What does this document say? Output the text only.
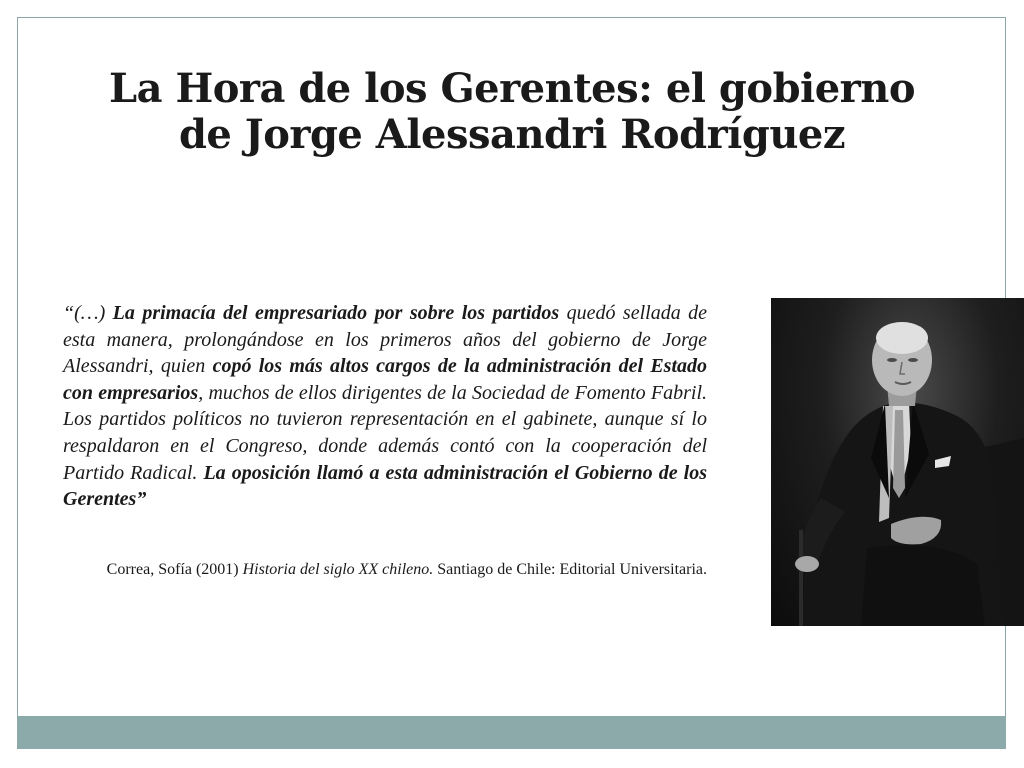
La Hora de los Gerentes: el gobierno de Jorge Alessandri Rodríguez

“(…) La primacía del empresariado por sobre los partidos quedó sellada de esta manera, prolongándose en los primeros años del gobierno de Jorge Alessandri, quien copó los más altos cargos de la administración del Estado con empresarios, muchos de ellos dirigentes de la Sociedad de Fomento Fabril. Los partidos políticos no tuvieron representación en el gabinete, aunque sí lo respaldaron en el Congreso, donde además contó con la cooperación del Partido Radical. La oposición llamó a esta administración el Gobierno de los Gerentes”

Correa, Sofía (2001) Historia del siglo XX chileno. Santiago de Chile: Editorial Universitaria.
